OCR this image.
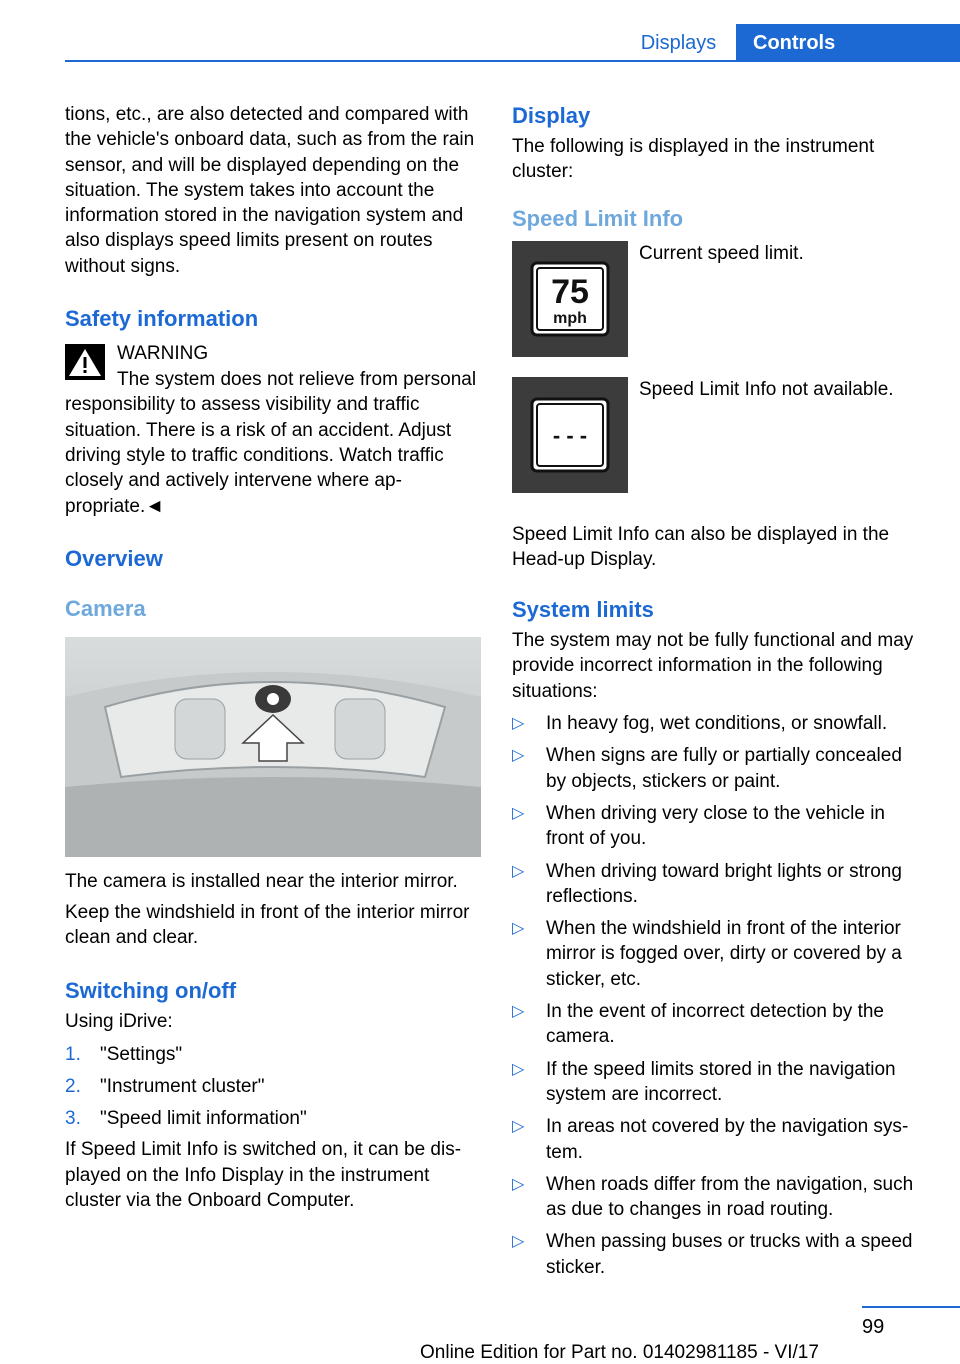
Displays	Controls

tions, etc., are also detected and compared with the vehicle's onboard data, such as from the rain sensor, and will be displayed depending on the situation. The system takes into account the information stored in the navigation system and also displays speed limits present on routes without signs.

Safety information
WARNING

The system does not relieve from personal responsibility to assess visibility and traffic situation. There is a risk of an accident. Adjust driving style to traffic conditions. Watch traffic closely and actively intervene where appropriate.◄

Overview
Camera

The camera is installed near the interior mirror.

Keep the windshield in front of the interior mirror clean and clear.

Switching on/off

Using iDrive:

1. "Settings"
2. "Instrument cluster"
3. "Speed limit information"

If Speed Limit Info is switched on, it can be displayed on the Info Display in the instrument cluster via the Onboard Computer.

Display

The following is displayed in the instrument cluster:

Speed Limit Info
75
mph

Current speed limit.

- - -

Speed Limit Info not available.

Speed Limit Info can also be displayed in the Head-up Display.

System limits

The system may not be fully functional and may provide incorrect information in the following situations:

▷ In heavy fog, wet conditions, or snowfall.
▷ When signs are fully or partially concealed by objects, stickers or paint.
▷ When driving very close to the vehicle in front of you.
▷ When driving toward bright lights or strong reflections.
▷ When the windshield in front of the interior mirror is fogged over, dirty or covered by a sticker, etc.
▷ In the event of incorrect detection by the camera.
▷ If the speed limits stored in the navigation system are incorrect.
▷ In areas not covered by the navigation system.
▷ When roads differ from the navigation, such as due to changes in road routing.
▷ When passing buses or trucks with a speed sticker.
99
Online Edition for Part no. 01402981185 - VI/17
